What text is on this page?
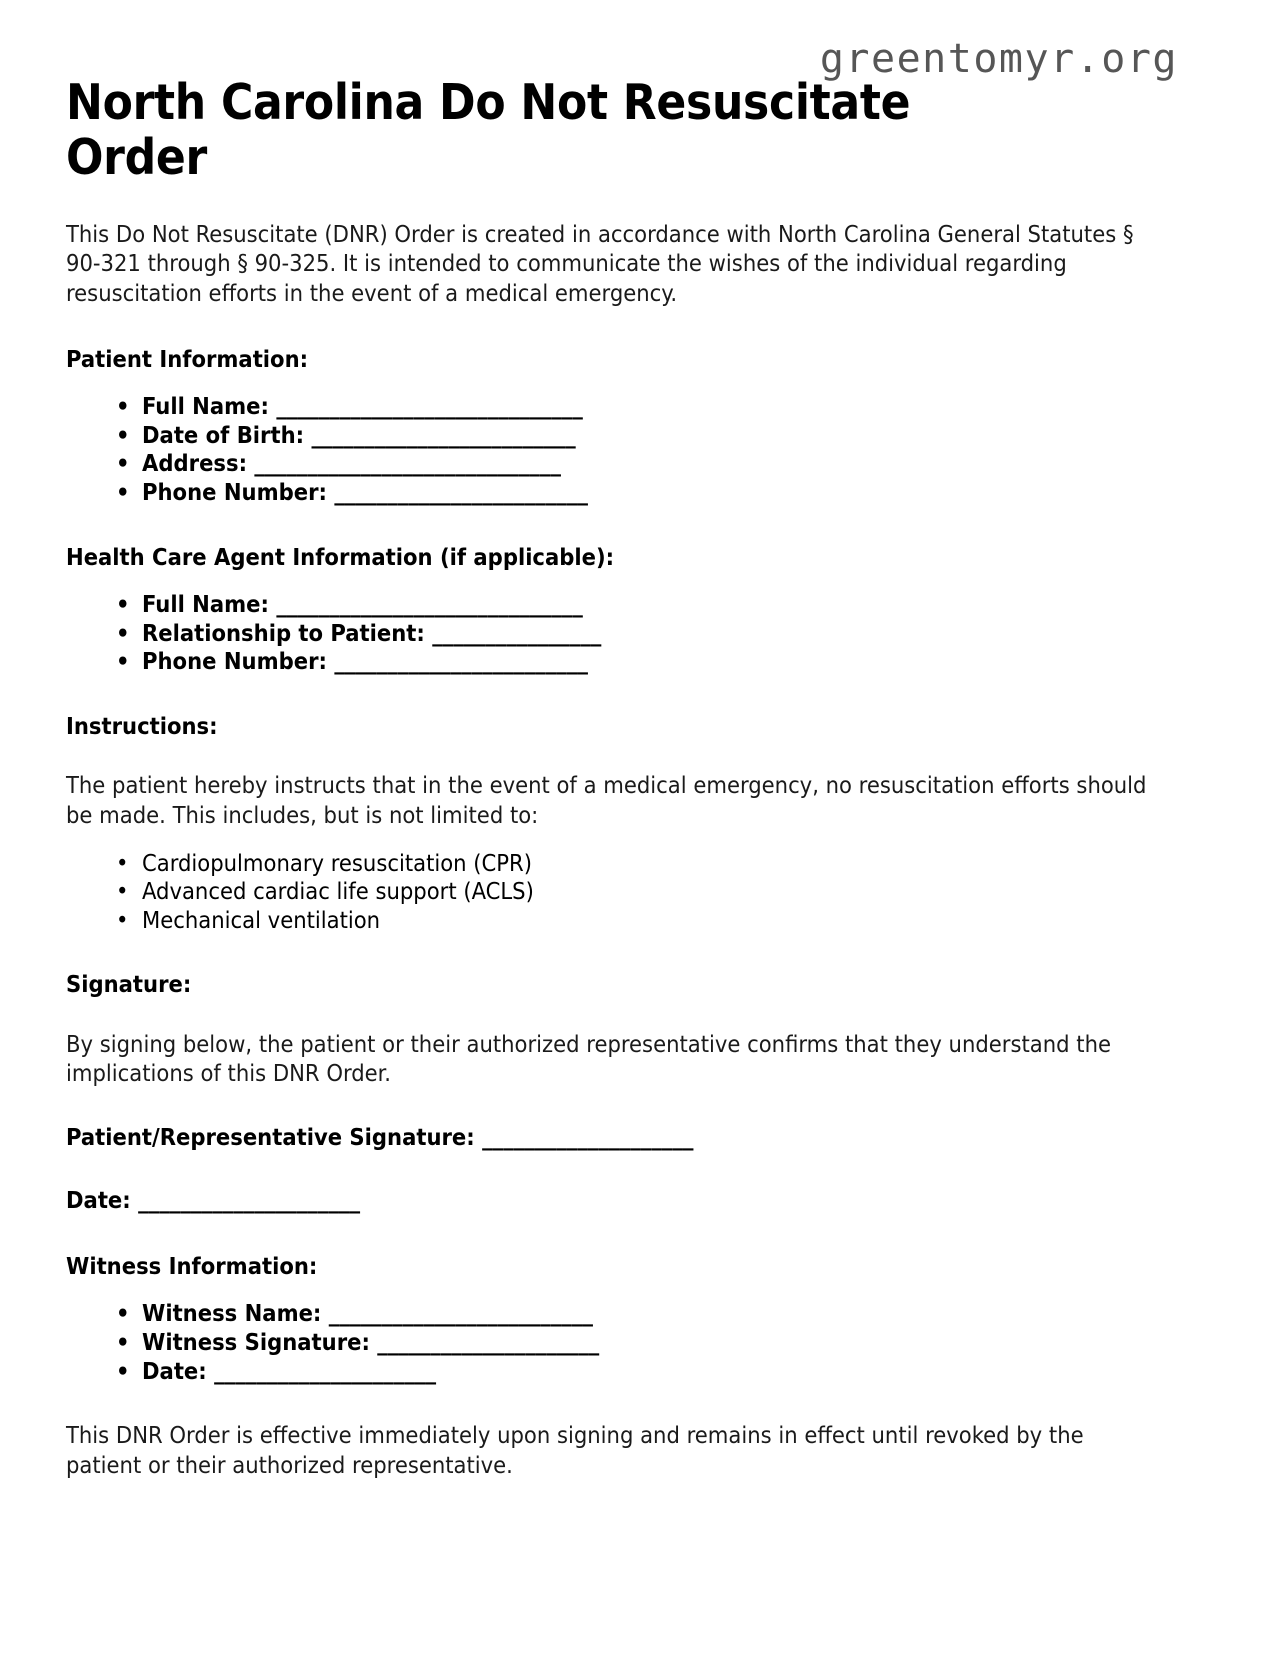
greentomyr.org
North Carolina Do Not Resuscitate Order

This Do Not Resuscitate (DNR) Order is created in accordance with North Carolina General Statutes § 90-321 through § 90-325. It is intended to communicate the wishes of the individual regarding resuscitation efforts in the event of a medical emergency.

Patient Information:
• Full Name: _____________________________
• Date of Birth: _________________________
• Address: _____________________________
• Phone Number: ________________________
Health Care Agent Information (if applicable):
• Full Name: _____________________________
• Relationship to Patient: ________________
• Phone Number: ________________________
Instructions:

The patient hereby instructs that in the event of a medical emergency, no resuscitation efforts should be made. This includes, but is not limited to:

• Cardiopulmonary resuscitation (CPR)
• Advanced cardiac life support (ACLS)
• Mechanical ventilation
Signature:

By signing below, the patient or their authorized representative confirms that they understand the implications of this DNR Order.

Patient/Representative Signature: ____________________

Date: _____________________

Witness Information:
• Witness Name: _________________________
• Witness Signature: _____________________
• Date: _____________________

This DNR Order is effective immediately upon signing and remains in effect until revoked by the patient or their authorized representative.
